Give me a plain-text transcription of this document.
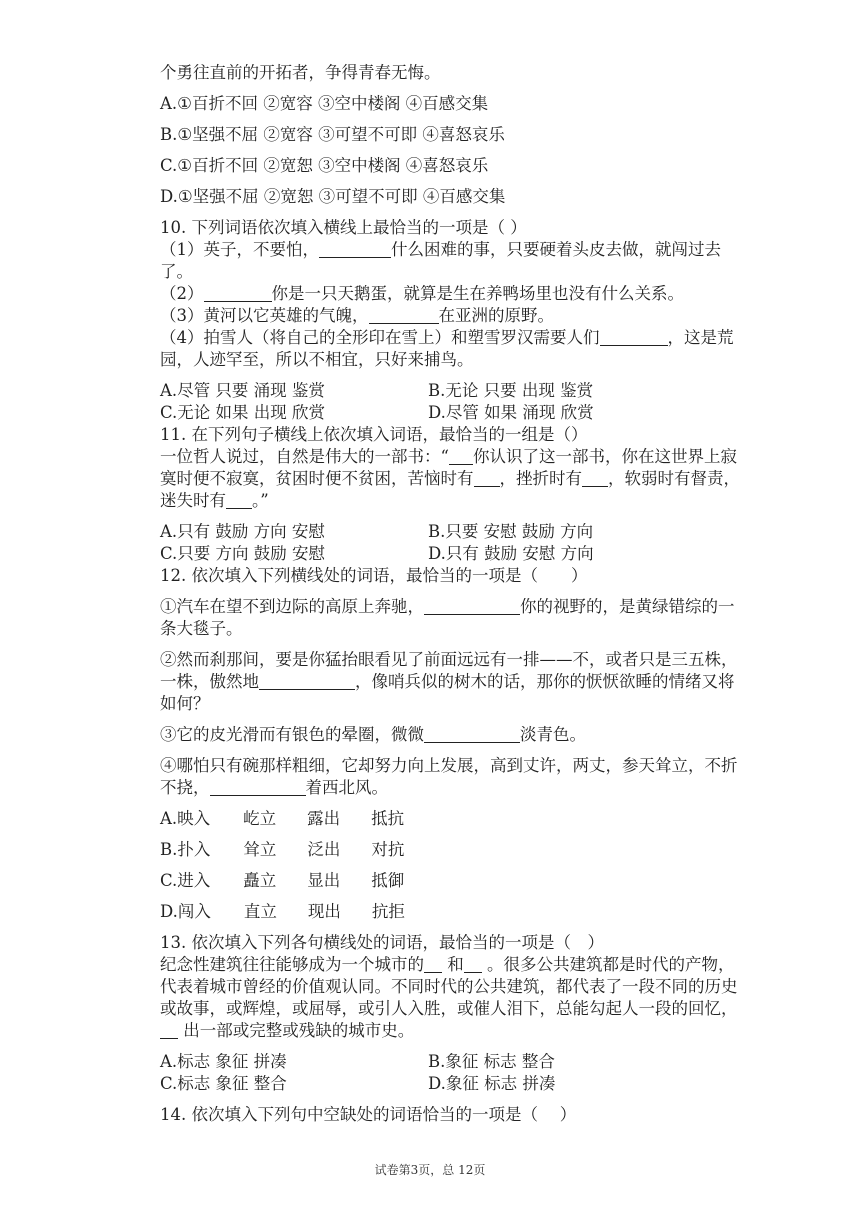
个勇往直前的开拓者，争得青春无悔。

A.①百折不回 ②宽容 ③空中楼阁 ④百感交集

B.①坚强不屈 ②宽容 ③可望不可即 ④喜怒哀乐

C.①百折不回 ②宽恕 ③空中楼阁 ④喜怒哀乐

D.①坚强不屈 ②宽恕 ③可望不可即 ④百感交集

10. 下列词语依次填入横线上最恰当的一项是（ ）

（1）英子，不要怕，	什么困难的事，只要硬着头皮去做，就闯过去了。

（2）	你是一只天鹅蛋，就算是生在养鸭场里也没有什么关系。

（3）黄河以它英雄的气魄，	在亚洲的原野。

（4）拍雪人（将自己的全形印在雪上）和塑雪罗汉需要人们	，这是荒园，人迹罕至，所以不相宜，只好来捕鸟。

A.尽管 只要 涌现 鉴赏	B.无论 只要 出现 鉴赏
C.无论 如果 出现 欣赏	D.尽管 如果 涌现 欣赏

11. 在下列句子横线上依次填入词语，最恰当的一组是（）

一位哲人说过，自然是伟大的一部书：“ 你认识了这一部书，你在这世界上寂寞时便不寂寞，贫困时便不贫困，苦恼时有 ，挫折时有 ，软弱时有督责，迷失时有 。”

A.只有 鼓励 方向 安慰	B.只要 安慰 鼓励 方向
C.只要 方向 鼓励 安慰	D.只有 鼓励 安慰 方向

12. 依次填入下列横线处的词语，最恰当的一项是（　　）

①汽车在望不到边际的高原上奔驰，	你的视野的，是黄绿错综的一条大毯子。

②然而刹那间，要是你猛抬眼看见了前面远远有一排——不，或者只是三五株，一株，傲然地	，像哨兵似的树木的话，那你的恹恹欲睡的情绪又将如何？

③它的皮光滑而有银色的晕圈，微微	淡青色。

④哪怕只有碗那样粗细，它却努力向上发展，高到丈许，两丈，参天耸立，不折不挠，	着西北风。

A.映入 屹立 露出 抵抗

B.扑入 耸立 泛出 对抗

C.进入 矗立 显出 抵御

D.闯入 直立 现出 抗拒

13. 依次填入下列各句横线处的词语，最恰当的一项是（　）

纪念性建筑往往能够成为一个城市的 和 。很多公共建筑都是时代的产物，代表着城市曾经的价值观认同。不同时代的公共建筑，都代表了一段不同的历史或故事，或辉煌，或屈辱，或引人入胜，或催人泪下，总能勾起人一段的回忆， 出一部或完整或残缺的城市史。

A.标志 象征 拼凑	B.象征 标志 整合
C.标志 象征 整合	D.象征 标志 拼凑

14. 依次填入下列句中空缺处的词语恰当的一项是（　 ）

试卷第3页，总 12页
